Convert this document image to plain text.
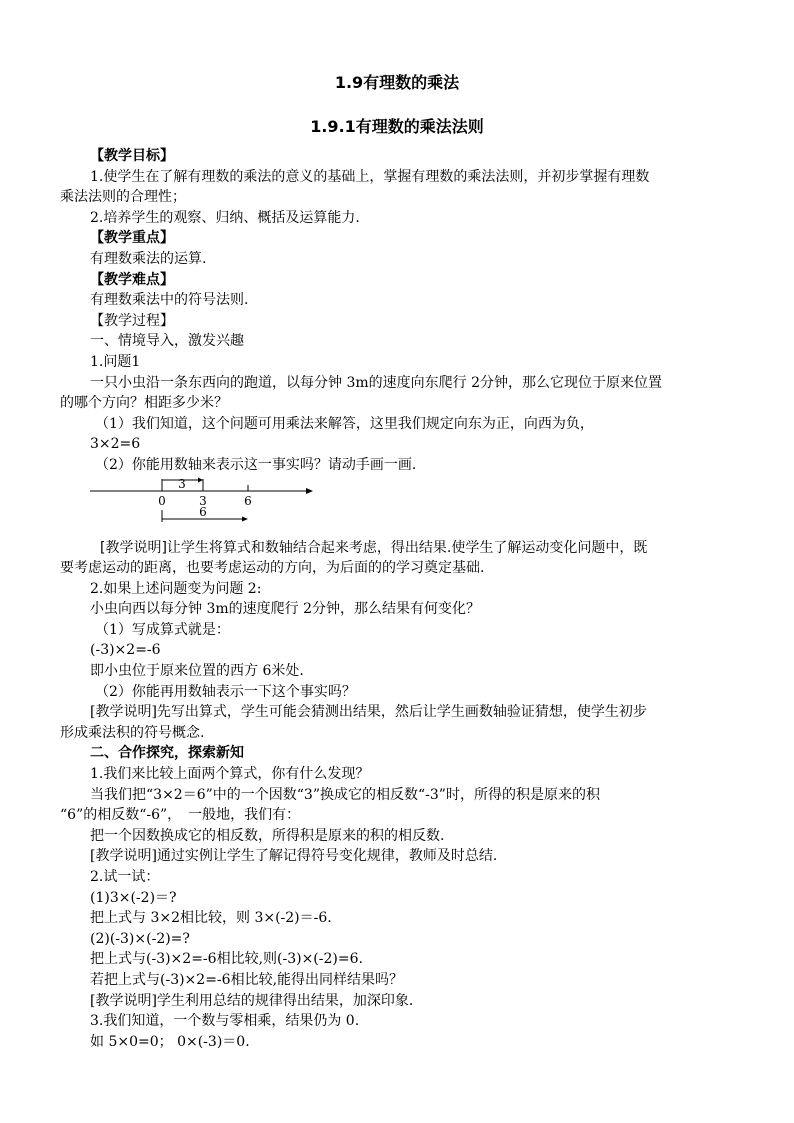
1.9有理数的乘法
1.9.1有理数的乘法法则
【教学目标】
1.使学生在了解有理数的乘法的意义的基础上，掌握有理数的乘法法则，并初步掌握有理数
乘法法则的合理性；
2.培养学生的观察、归纳、概括及运算能力.
【教学重点】
有理数乘法的运算.
【教学难点】
有理数乘法中的符号法则.
【教学过程】
一、情境导入，激发兴趣
1.问题1
一只小虫沿一条东西向的跑道，以每分钟 3m的速度向东爬行 2分钟，那么它现位于原来位置
的哪个方向？相距多少米？
（1）我们知道，这个问题可用乘法来解答，这里我们规定向东为正，向西为负，
3×2=6
（2）你能用数轴来表示这一事实吗？请动手画一画.
3
0	3	6
6
[教学说明]让学生将算式和数轴结合起来考虑，得出结果.使学生了解运动变化问题中，既
要考虑运动的距离，也要考虑运动的方向，为后面的的学习奠定基础.
2.如果上述问题变为问题 2:
小虫向西以每分钟 3m的速度爬行 2分钟，那么结果有何变化？
（1）写成算式就是：
(-3)×2=-6
即小虫位于原来位置的西方 6米处.
（2）你能再用数轴表示一下这个事实吗？
[教学说明]先写出算式，学生可能会猜测出结果，然后让学生画数轴验证猜想，使学生初步
形成乘法积的符号概念.
二、合作探究，探索新知
1.我们来比较上面两个算式，你有什么发现？
当我们把“3×2＝6”中的一个因数“3”换成它的相反数“-3”时，所得的积是原来的积
“6”的相反数“-6”，　一般地，我们有：
把一个因数换成它的相反数，所得积是原来的积的相反数.
[教学说明]通过实例让学生了解记得符号变化规律，教师及时总结.
2.试一试：
(1)3×(-2)＝?
把上式与 3×2相比较，则 3×(-2)＝-6.
(2)(-3)×(-2)=?
把上式与(-3)×2=-6相比较,则(-3)×(-2)=6.
若把上式与(-3)×2=-6相比较,能得出同样结果吗？
[教学说明]学生利用总结的规律得出结果，加深印象.
3.我们知道，一个数与零相乘，结果仍为 0.
如 5×0=0； 0×(-3)＝0.
